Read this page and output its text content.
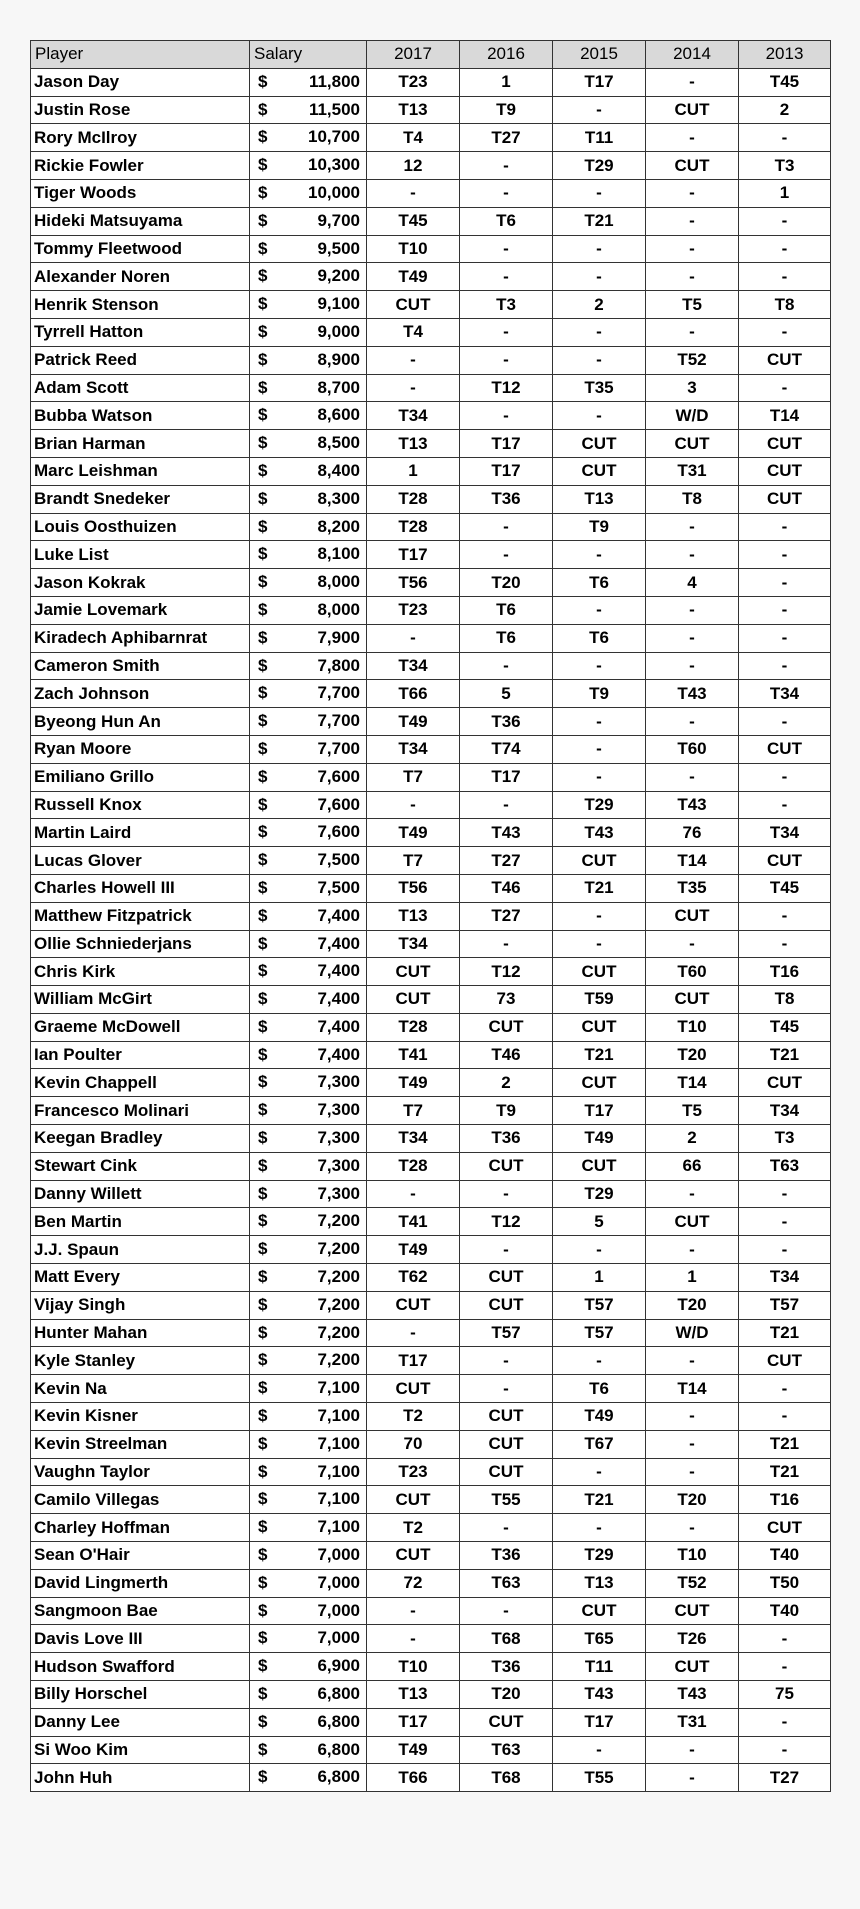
Player	Salary	2017	2016	2015	2014	2013
Jason Day	$ 11,800	T23	1	T17	-	T45
Justin Rose	$ 11,500	T13	T9	-	CUT	2
Rory McIlroy	$ 10,700	T4	T27	T11	-	-
Rickie Fowler	$ 10,300	12	-	T29	CUT	T3
Tiger Woods	$ 10,000	-	-	-	-	1
Hideki Matsuyama	$ 9,700	T45	T6	T21	-	-
Tommy Fleetwood	$ 9,500	T10	-	-	-	-
Alexander Noren	$ 9,200	T49	-	-	-	-
Henrik Stenson	$ 9,100	CUT	T3	2	T5	T8
Tyrrell Hatton	$ 9,000	T4	-	-	-	-
Patrick Reed	$ 8,900	-	-	-	T52	CUT
Adam Scott	$ 8,700	-	T12	T35	3	-
Bubba Watson	$ 8,600	T34	-	-	W/D	T14
Brian Harman	$ 8,500	T13	T17	CUT	CUT	CUT
Marc Leishman	$ 8,400	1	T17	CUT	T31	CUT
Brandt Snedeker	$ 8,300	T28	T36	T13	T8	CUT
Louis Oosthuizen	$ 8,200	T28	-	T9	-	-
Luke List	$ 8,100	T17	-	-	-	-
Jason Kokrak	$ 8,000	T56	T20	T6	4	-
Jamie Lovemark	$ 8,000	T23	T6	-	-	-
Kiradech Aphibarnrat	$ 7,900	-	T6	T6	-	-
Cameron Smith	$ 7,800	T34	-	-	-	-
Zach Johnson	$ 7,700	T66	5	T9	T43	T34
Byeong Hun An	$ 7,700	T49	T36	-	-	-
Ryan Moore	$ 7,700	T34	T74	-	T60	CUT
Emiliano Grillo	$ 7,600	T7	T17	-	-	-
Russell Knox	$ 7,600	-	-	T29	T43	-
Martin Laird	$ 7,600	T49	T43	T43	76	T34
Lucas Glover	$ 7,500	T7	T27	CUT	T14	CUT
Charles Howell III	$ 7,500	T56	T46	T21	T35	T45
Matthew Fitzpatrick	$ 7,400	T13	T27	-	CUT	-
Ollie Schniederjans	$ 7,400	T34	-	-	-	-
Chris Kirk	$ 7,400	CUT	T12	CUT	T60	T16
William McGirt	$ 7,400	CUT	73	T59	CUT	T8
Graeme McDowell	$ 7,400	T28	CUT	CUT	T10	T45
Ian Poulter	$ 7,400	T41	T46	T21	T20	T21
Kevin Chappell	$ 7,300	T49	2	CUT	T14	CUT
Francesco Molinari	$ 7,300	T7	T9	T17	T5	T34
Keegan Bradley	$ 7,300	T34	T36	T49	2	T3
Stewart Cink	$ 7,300	T28	CUT	CUT	66	T63
Danny Willett	$ 7,300	-	-	T29	-	-
Ben Martin	$ 7,200	T41	T12	5	CUT	-
J.J. Spaun	$ 7,200	T49	-	-	-	-
Matt Every	$ 7,200	T62	CUT	1	1	T34
Vijay Singh	$ 7,200	CUT	CUT	T57	T20	T57
Hunter Mahan	$ 7,200	-	T57	T57	W/D	T21
Kyle Stanley	$ 7,200	T17	-	-	-	CUT
Kevin Na	$ 7,100	CUT	-	T6	T14	-
Kevin Kisner	$ 7,100	T2	CUT	T49	-	-
Kevin Streelman	$ 7,100	70	CUT	T67	-	T21
Vaughn Taylor	$ 7,100	T23	CUT	-	-	T21
Camilo Villegas	$ 7,100	CUT	T55	T21	T20	T16
Charley Hoffman	$ 7,100	T2	-	-	-	CUT
Sean O'Hair	$ 7,000	CUT	T36	T29	T10	T40
David Lingmerth	$ 7,000	72	T63	T13	T52	T50
Sangmoon Bae	$ 7,000	-	-	CUT	CUT	T40
Davis Love III	$ 7,000	-	T68	T65	T26	-
Hudson Swafford	$ 6,900	T10	T36	T11	CUT	-
Billy Horschel	$ 6,800	T13	T20	T43	T43	75
Danny Lee	$ 6,800	T17	CUT	T17	T31	-
Si Woo Kim	$ 6,800	T49	T63	-	-	-
John Huh	$ 6,800	T66	T68	T55	-	T27
